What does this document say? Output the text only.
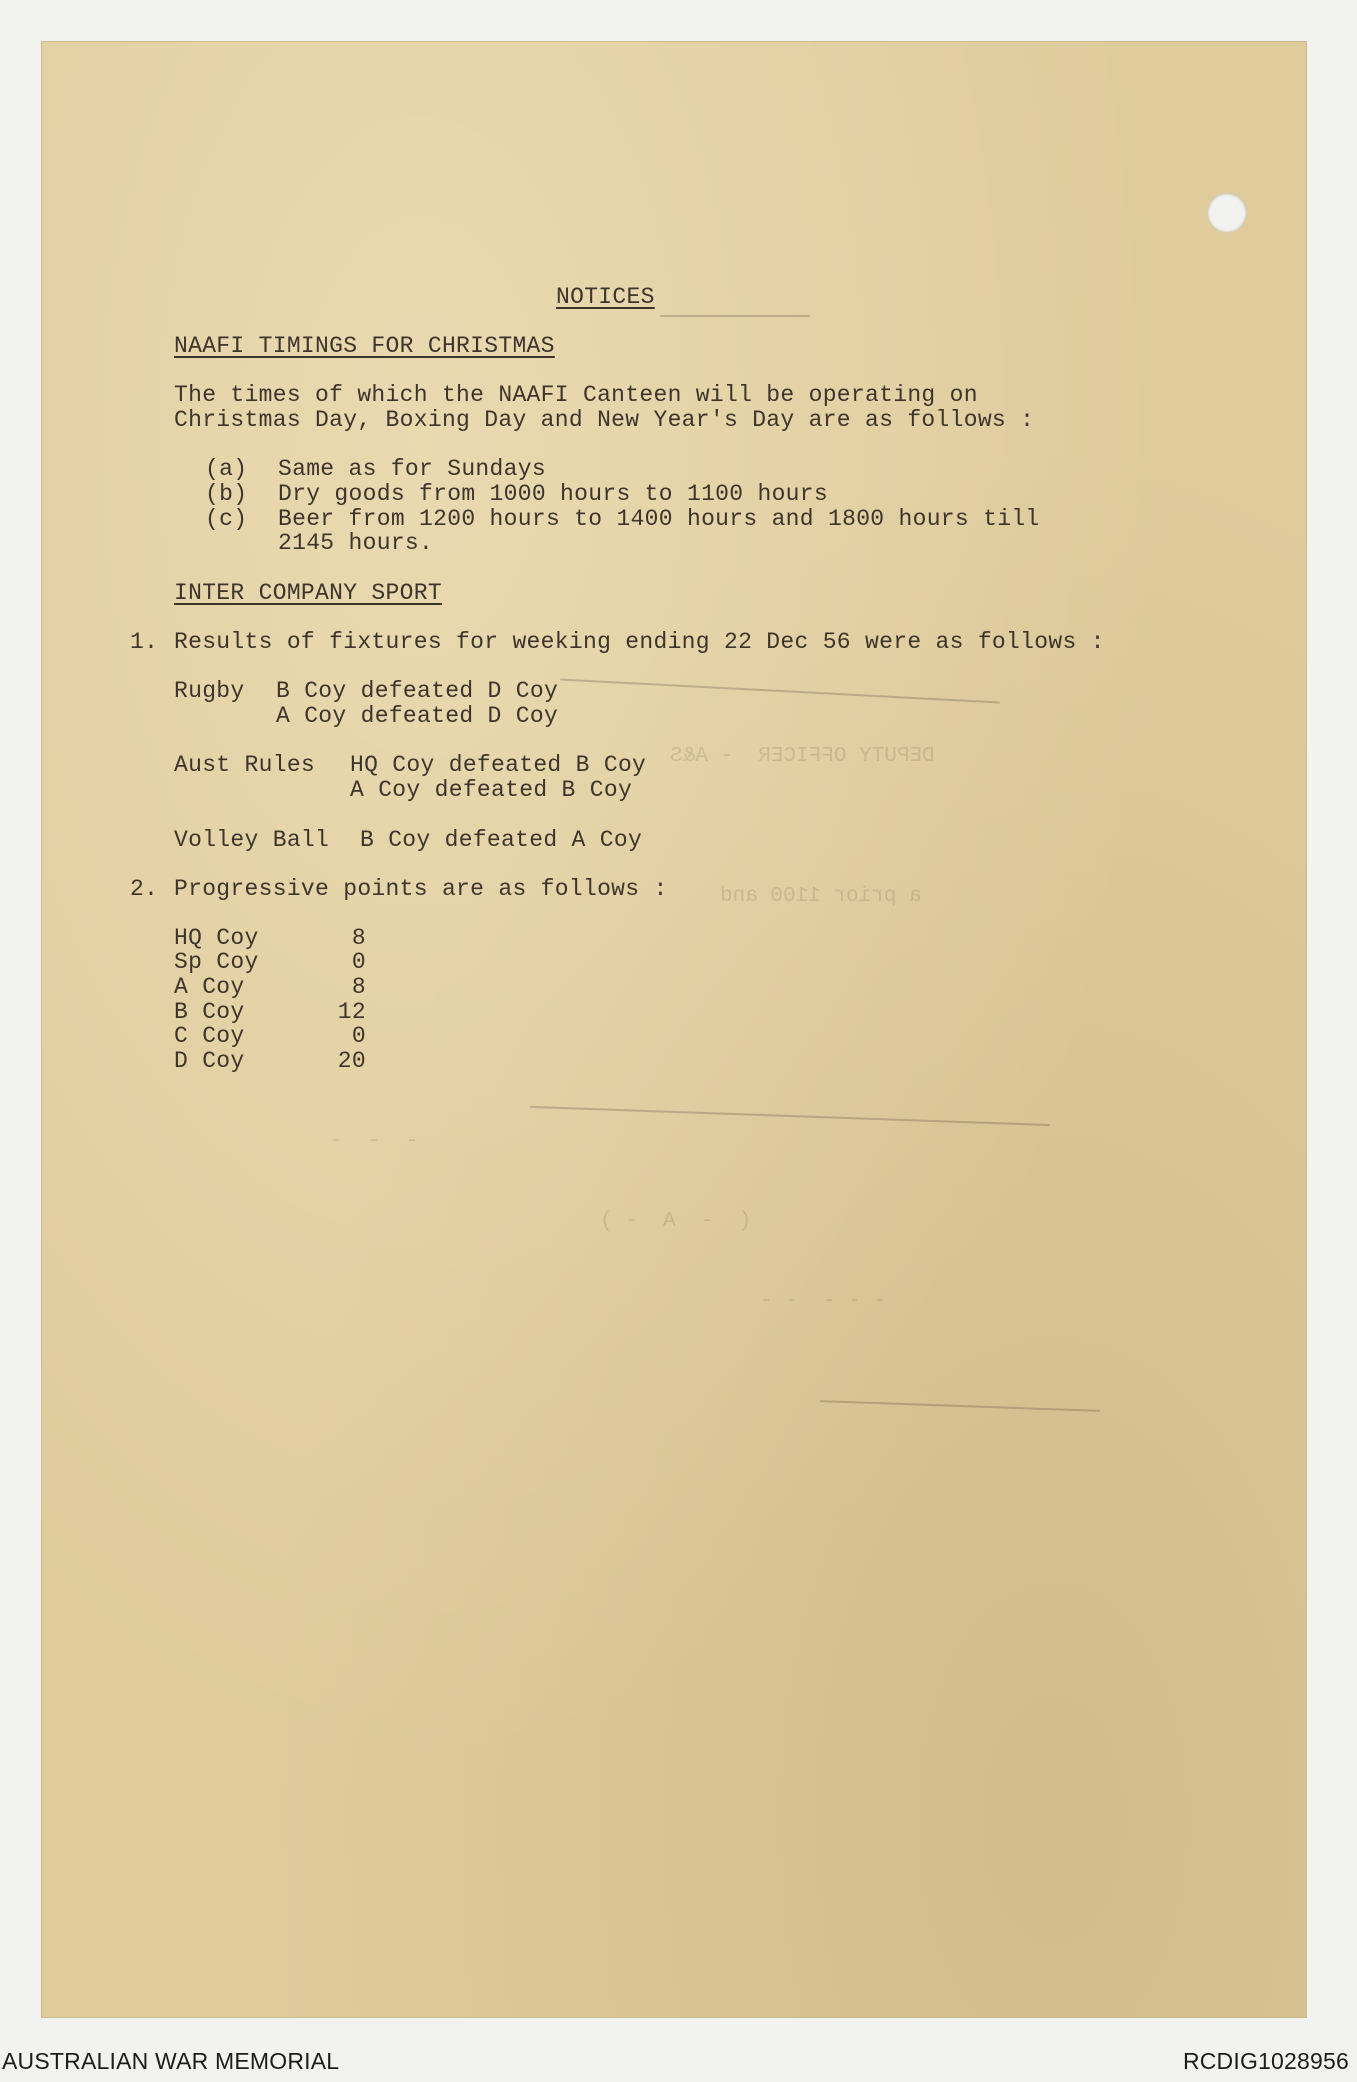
DEPUTY OFFICER  - A&S
a prior 1100 and
(  -  A  - )
- - -  - -
-  -  -
NOTICES
NAAFI TIMINGS FOR CHRISTMAS
The times of which the NAAFI Canteen will be operating on
Christmas Day, Boxing Day and New Year's Day are as follows :
(a) Same as for Sundays
(b) Dry goods from 1000 hours to 1100 hours
(c) Beer from 1200 hours to 1400 hours and 1800 hours till
2145 hours.
INTER COMPANY SPORT
1. Results of fixtures for weeking ending 22 Dec 56 were as follows :
Rugby B Coy defeated D Coy
A Coy defeated D Coy
Aust Rules HQ Coy defeated B Coy
A Coy defeated B Coy
Volley Ball B Coy defeated A Coy
2. Progressive points are as follows :
HQ Coy	8
Sp Coy	0
A Coy	8
B Coy	12
C Coy	0
D Coy	20
AUSTRALIAN WAR MEMORIAL	RCDIG1028956
